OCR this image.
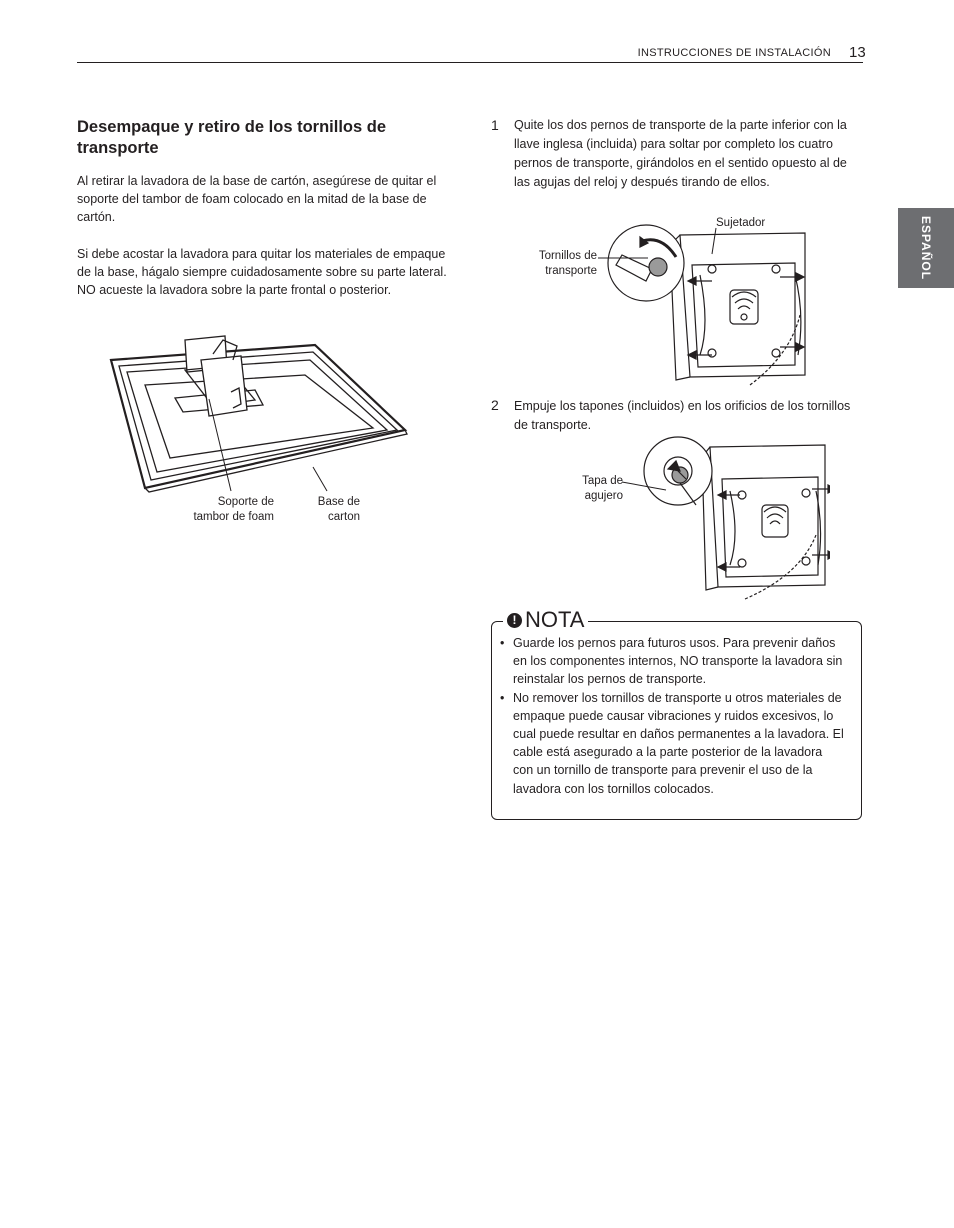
INSTRUCCIONES DE INSTALACIÓN 13
ESPAÑOL
Desempaque y retiro de los tornillos de transporte
Al retirar la lavadora de la base de cartón, asegúrese de quitar el soporte del tambor de foam colocado en la mitad de la base de cartón.
Si debe acostar la lavadora para quitar los materiales de empaque de la base, hágalo siempre cuidadosamente sobre su parte lateral. NO acueste la lavadora sobre la parte frontal o posterior.
Soporte de tambor de foam
Base de carton
1 Quite los dos pernos de transporte de la parte inferior con la llave inglesa (incluida) para soltar por completo los cuatro pernos de transporte, girándolos en el sentido opuesto al de las agujas del reloj y después tirando de ellos.
Tornillos de transporte
Sujetador
2 Empuje los tapones (incluidos) en los orificios de los tornillos de transporte.
Tapa de agujero
! NOTA
• Guarde los pernos para futuros usos. Para prevenir daños en los componentes internos, NO transporte la lavadora sin reinstalar los pernos de transporte.
• No remover los tornillos de transporte u otros materiales de empaque puede causar vibraciones y ruidos excesivos, lo cual puede resultar en daños permanentes a la lavadora. El cable está asegurado a la parte posterior de la lavadora con un tornillo de transporte para prevenir el uso de la lavadora con los tornillos colocados.
